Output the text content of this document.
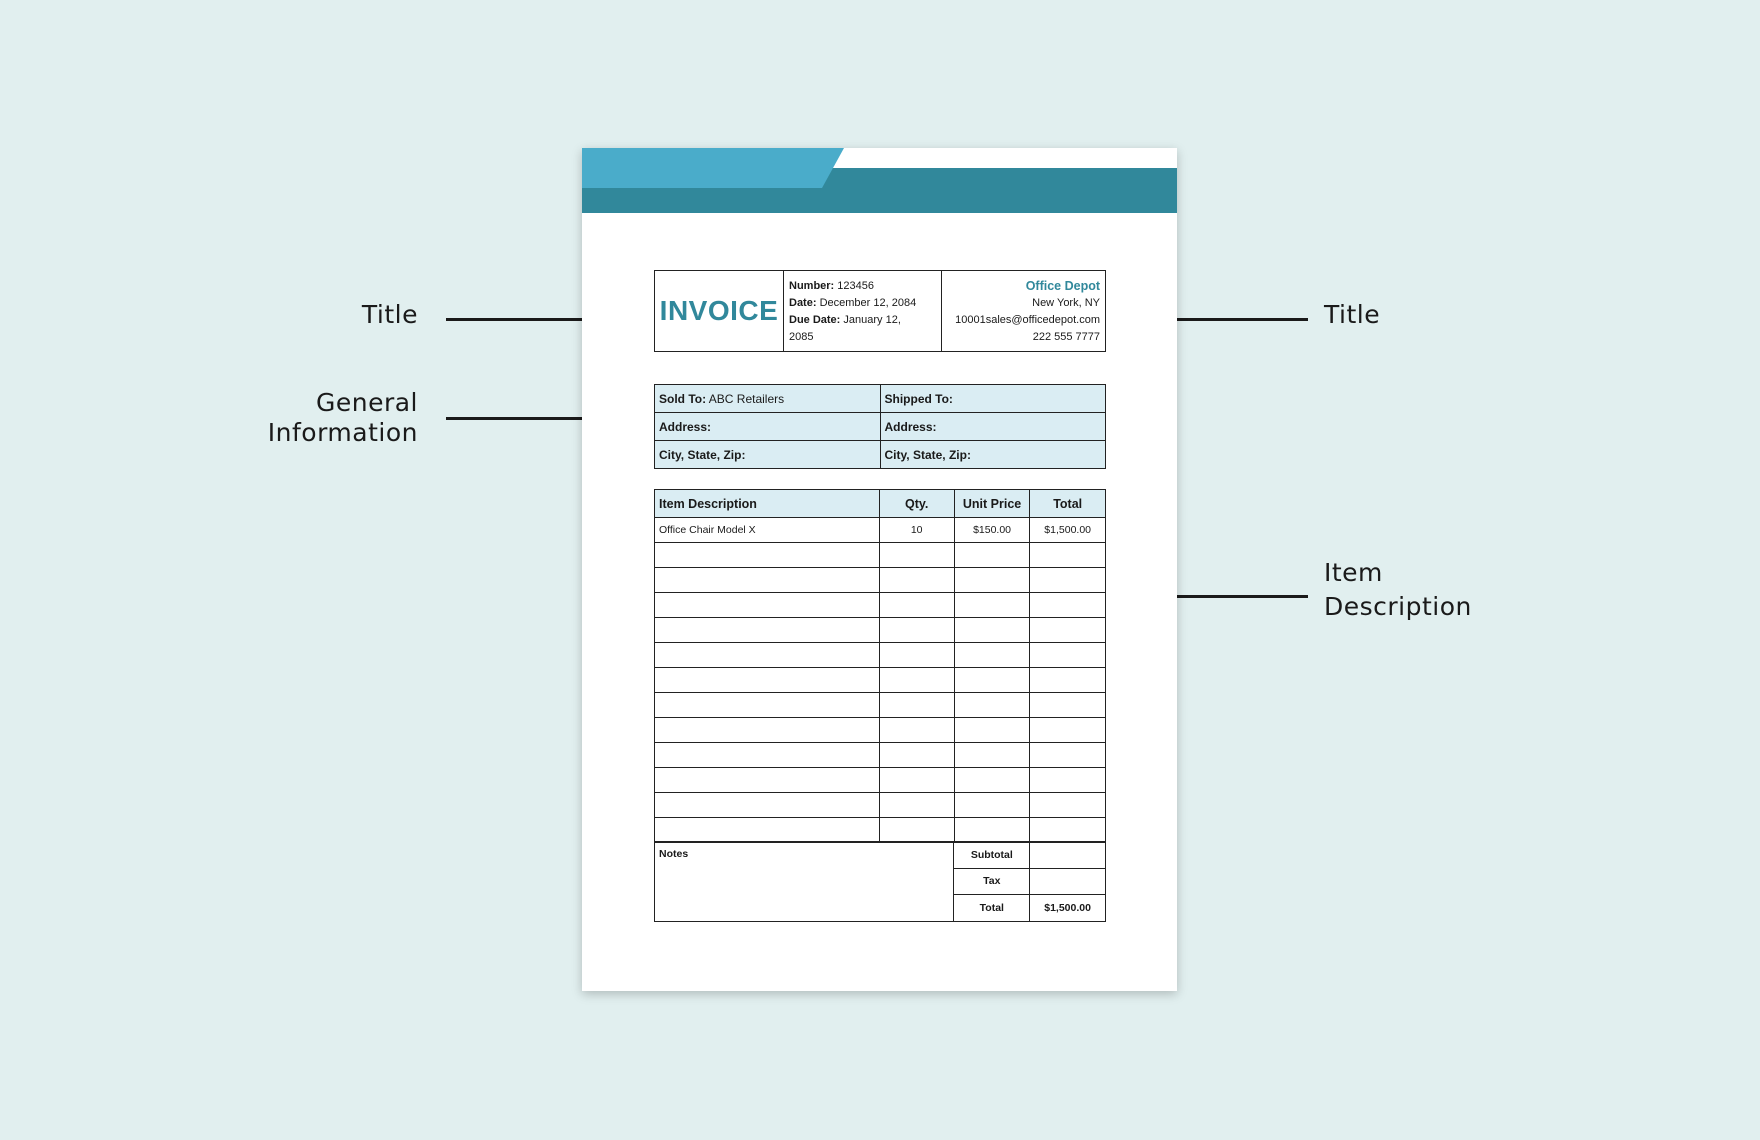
Title
General
Information
Title
Item
Description
INVOICE
Number: 123456
Date: December 12, 2084
Due Date: January 12,
2085
Office Depot
New York, NY
10001sales@officedepot.com
222 555 7777
Sold To: ABC Retailers	Shipped To:
Address:	Address:
City, State, Zip:	City, State, Zip:
Item Description	Qty.	Unit Price	Total
Office Chair Model X	10	$150.00	$1,500.00

Notes	Subtotal	
	Tax	
	Total	$1,500.00
